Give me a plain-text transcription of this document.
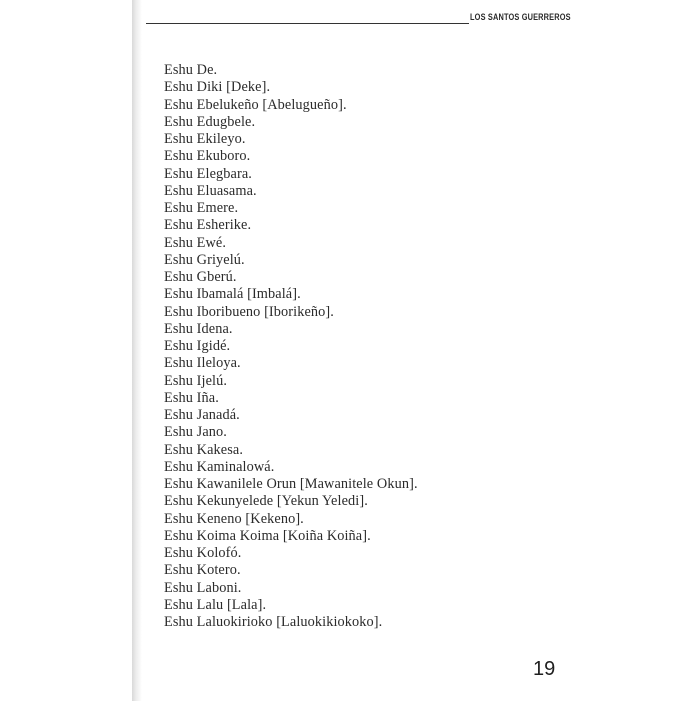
LOS SANTOS GUERREROS
Eshu De.
Eshu Diki [Deke].
Eshu Ebelukeño [Abelugueño].
Eshu Edugbele.
Eshu Ekileyo.
Eshu Ekuboro.
Eshu Elegbara.
Eshu Eluasama.
Eshu Emere.
Eshu Esherike.
Eshu Ewé.
Eshu Griyelú.
Eshu Gberú.
Eshu Ibamalá [Imbalá].
Eshu Iboribueno [Iborikeño].
Eshu Idena.
Eshu Igidé.
Eshu Ileloya.
Eshu Ijelú.
Eshu Iña.
Eshu Janadá.
Eshu Jano.
Eshu Kakesa.
Eshu Kaminalowá.
Eshu Kawanilele Orun [Mawanitele Okun].
Eshu Kekunyelede [Yekun Yeledi].
Eshu Keneno [Kekeno].
Eshu Koima Koima [Koiña Koiña].
Eshu Kolofó.
Eshu Kotero.
Eshu Laboni.
Eshu Lalu [Lala].
Eshu Laluokirioko [Laluokikiokoko].
19
